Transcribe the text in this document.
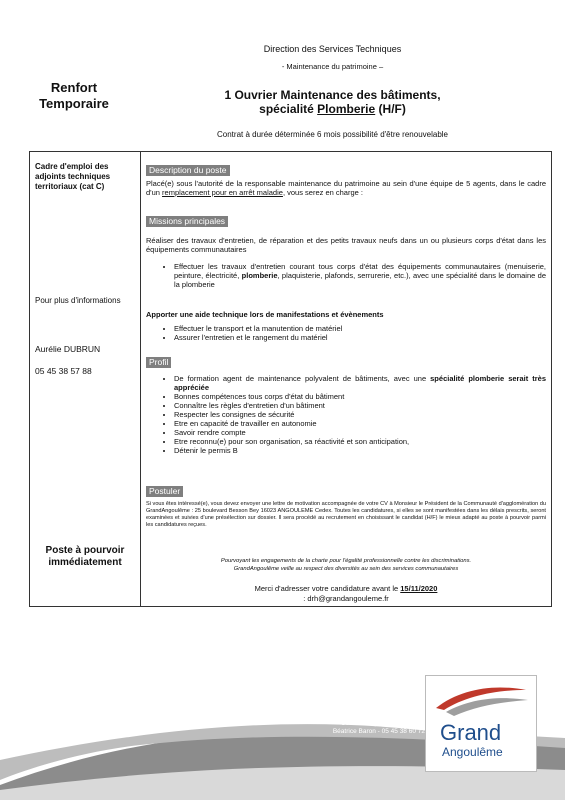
Direction des Services Techniques
- Maintenance du patrimoine –
Renfort Temporaire
1 Ouvrier Maintenance des bâtiments,
spécialité Plomberie (H/F)
Contrat à durée déterminée 6 mois possibilité d'être renouvelable
Cadre d'emploi des adjoints techniques territoriaux (cat C)
Pour plus d'informations
Aurélie DUBRUN
05 45 38 57 88
Poste à pourvoir immédiatement
Description du poste
Placé(e) sous l'autorité de la responsable maintenance du patrimoine au sein d'une équipe de 5 agents, dans le cadre d'un remplacement pour en arrêt maladie, vous serez en charge :
Missions principales
Réaliser des travaux d'entretien, de réparation et des petits travaux neufs dans un ou plusieurs corps d'état dans les équipements communautaires
• Effectuer les travaux d'entretien courant tous corps d'état des équipements communautaires (menuiserie, peinture, électricité, plomberie, plaquisterie, plafonds, serrurerie, etc.), avec une spécialité dans le domaine de la plomberie
Apporter une aide technique lors de manifestations et évènements
• Effectuer le transport et la manutention de matériel
• Assurer l'entretien et le rangement du matériel
Profil
• De formation agent de maintenance polyvalent de bâtiments, avec une spécialité plomberie serait très appréciée
• Bonnes compétences tous corps d'état du bâtiment
• Connaître les règles d'entretien d'un bâtiment
• Respecter les consignes de sécurité
• Etre en capacité de travailler en autonomie
• Savoir rendre compte
• Etre reconnu(e) pour son organisation, sa réactivité et son anticipation,
• Détenir le permis B
Postuler
Si vous êtes intéressé(e), vous devez envoyer une lettre de motivation accompagnée de votre CV à Monsieur le Président de la Communauté d'agglomération du GrandAngoulême : 25 boulevard Besson Bey 16023 ANGOULEME Cedex. Toutes les candidatures, si elles se sont manifestées dans les délais prescrits, seront examinées et suivies d'une présélection sur dossier. Il sera procédé au recrutement en choisissant le candidat (H/F) le mieux adapté au poste à pourvoir parmi les candidatures reçues.
Pourvoyant les engagements de la charte pour l'égalité professionnelle contre les discriminations.
GrandAngoulême veille au respect des diversités au sein des services communautaires
Merci d'adresser votre candidature avant le 15/11/2020
: drh@grandangouleme.fr
Direction des Ressources Humaines
Service Emploi/compétences
Béatrice Baron - 05 45 38 60 72 Grand
Angoulême
